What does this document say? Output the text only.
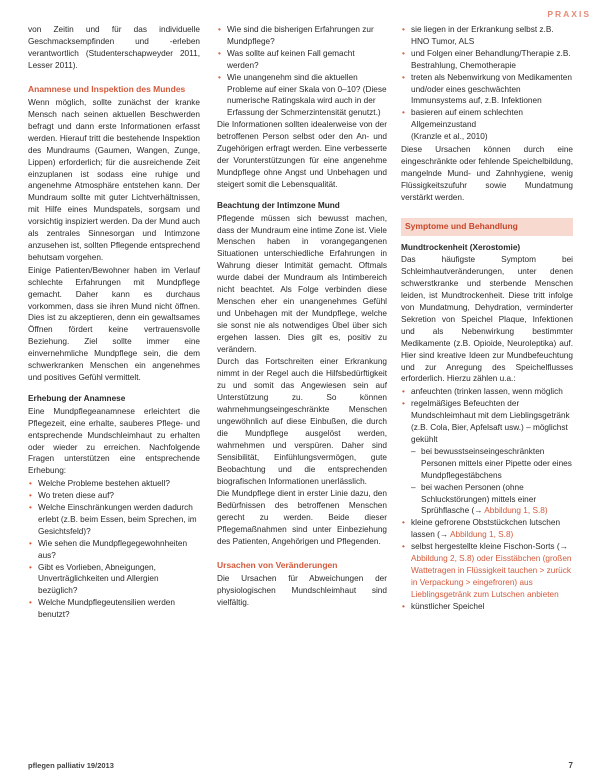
PRAXIS

von Zeitin und für das individuelle Geschmacksempfinden und -erleben verantwortlich (Studenterschapweyder 2011, Lesser 2011).

Anamnese und Inspektion des Mundes

Wenn möglich, sollte zunächst der kranke Mensch nach seinen aktuellen Beschwerden befragt und dann erste Informationen erfasst werden. Hierauf tritt die bestehende Inspektion des Mundraums (Gaumen, Wangen, Zunge, Lippen) erforderlich; für die ausreichende Zeit einzuplanen ist sodass eine ruhige und angenehme Atmosphäre entstehen kann. Der Mundraum sollte mit guter Lichtverhältnissen, mit Hilfe eines Mundspatels, sorgsam und vorsichtig inspiziert werden. Da der Mund auch als zentrales Sinnesorgan und Intimzone anzusehen ist, sollten Pflegende entsprechend behutsam vorgehen.

Einige Patienten/Bewohner haben im Verlauf schlechte Erfahrungen mit Mundpflege gemacht. Daher kann es durchaus vorkommen, dass sie ihren Mund nicht öffnen. Dies ist zu akzeptieren, denn ein gewaltsames Öffnen fördert keine vertrauensvolle Beziehung. Ziel sollte immer eine einvernehmliche Mundpflege sein, die dem schwerkranken Menschen ein angenehmes und positives Gefühl vermittelt.

Erhebung der Anamnese

Eine Mundpflegeanamnese erleichtert die Pflegezeit, eine erhalte, sauberes Pflege- und entsprechende Mundschleimhaut zu erhalten oder wieder zu erreichen. Nachfolgende Fragen unterstützen eine entsprechende Erhebung:

• Welche Probleme bestehen aktuell?
• Wo treten diese auf?
• Welche Einschränkungen werden dadurch erlebt (z.B. beim Essen, beim Sprechen, im Gesichtsfeld)?
• Wie sehen die Mundpflegegewohnheiten aus?
• Gibt es Vorlieben, Abneigungen, Unverträglichkeiten und Allergien bezüglich?
• Welche Mundpflegeutensilien werden benutzt?
• Wie sind die bisherigen Erfahrungen zur Mundpflege?
• Was sollte auf keinen Fall gemacht werden?
• Wie unangenehm sind die aktuellen Probleme auf einer Skala von 0–10? (Diese numerische Ratingskala wird auch in der Erfassung der Schmerzintensität genutzt.)

Die Informationen sollten idealerweise von der betroffenen Person selbst oder den An- und Zugehörigen erfragt werden. Eine verbesserte der Vorunterstützungen für eine angenehme Mundpflege ohne Angst und Unbehagen und steigert somit die Lebensqualität.

Beachtung der Intimzone Mund

Pflegende müssen sich bewusst machen, dass der Mundraum eine intime Zone ist. Viele Menschen haben in vorangegangenen Situationen unterschiedliche Erfahrungen in Wahrung dieser Intimität gemacht. Oftmals wurde dabei der Mundraum als Intimbereich nicht beachtet. Als Folge verbinden diese Menschen eher ein unangenehmes Gefühl und Unbehagen mit der Mundpflege, welche sie sonst nie als notwendiges Übel über sich ergehen lassen. Dies gilt es, positiv zu verändern.

Durch das Fortschreiten einer Erkrankung nimmt in der Regel auch die Hilfsbedürftigkeit zu und somit das Angewiesen sein auf Unterstützung zu. So können wahrnehmungseingeschränkte Menschen ungewöhnlich auf diese Einbußen, die durch die Mundpflege ausgelöst werden, wahrnehmen und verspüren. Daher sind Sensibilität, Einfühlungsvermögen, gute Beobachtung und die entsprechenden biografischen Informationen unerlässlich.

Die Mundpflege dient in erster Linie dazu, den Bedürfnissen des betroffenen Menschen gerecht zu werden. Beide dieser Pflegemaßnahmen sind unter Einbeziehung des Patienten, Angehörigen und Pflegenden.

Ursachen von Veränderungen

Die Ursachen für Abweichungen der physiologischen Mundschleimhaut sind vielfältig.

• sie liegen in der Erkrankung selbst z.B. HNO Tumor, ALS
• und Folgen einer Behandlung/Therapie z.B. Bestrahlung, Chemotherapie
• treten als Nebenwirkung von Medikamenten und/oder eines geschwächten Immunsystems auf, z.B. Infektionen
• basieren auf einem schlechten Allgemeinzustand

(Kranzle et al., 2010)

Diese Ursachen können durch eine eingeschränkte oder fehlende Speichelbildung, mangelnde Mund- und Zahnhygiene, wenig Flüssigkeitszufuhr sowie Mundatmung verstärkt werden.

Symptome und Behandlung
Mundtrockenheit (Xerostomie)

Das häufigste Symptom bei Schleimhautveränderungen, unter denen schwerstkranke und sterbende Menschen leiden, ist Mundtrockenheit. Diese tritt infolge von Mundatmung, Dehydration, verminderter Sekretion von Speichel Plaque, Infektionen und als Nebenwirkung bestimmter Medikamente (z.B. Opioide, Neuroleptika) auf. Hier sind kreative Ideen zur Mundbefeuchtung und zur Anregung des Speichelflusses erforderlich. Hierzu zählen u.a.:

• anfeuchten (trinken lassen, wenn möglich
• regelmäßiges Befeuchten der Mundschleimhaut mit dem Lieblingsgetränk (z.B. Cola, Bier, Apfelsaft usw.) – möglichst gekühlt
– bei bewusstseinseingeschränkten Personen mittels einer Pipette oder eines Mundpflegestäbchens
– bei wachen Personen (ohne Schluckstörungen) mittels einer Sprühflasche (→ Abbildung 1, S.8)
• kleine gefrorene Obststückchen lutschen lassen (→ Abbildung 1, S.8)
• selbst hergestellte kleine Fischon-Sorts (→ Abbildung 2, S.8) oder Eisstäbchen (großen Wattetragen in Flüssigkeit tauchen > zurück in Verpackung > eingefroren) aus Lieblingsgetränk zum Lutschen anbieten
• künstlicher Speichel
pflegen palliativ 19/2013	7
